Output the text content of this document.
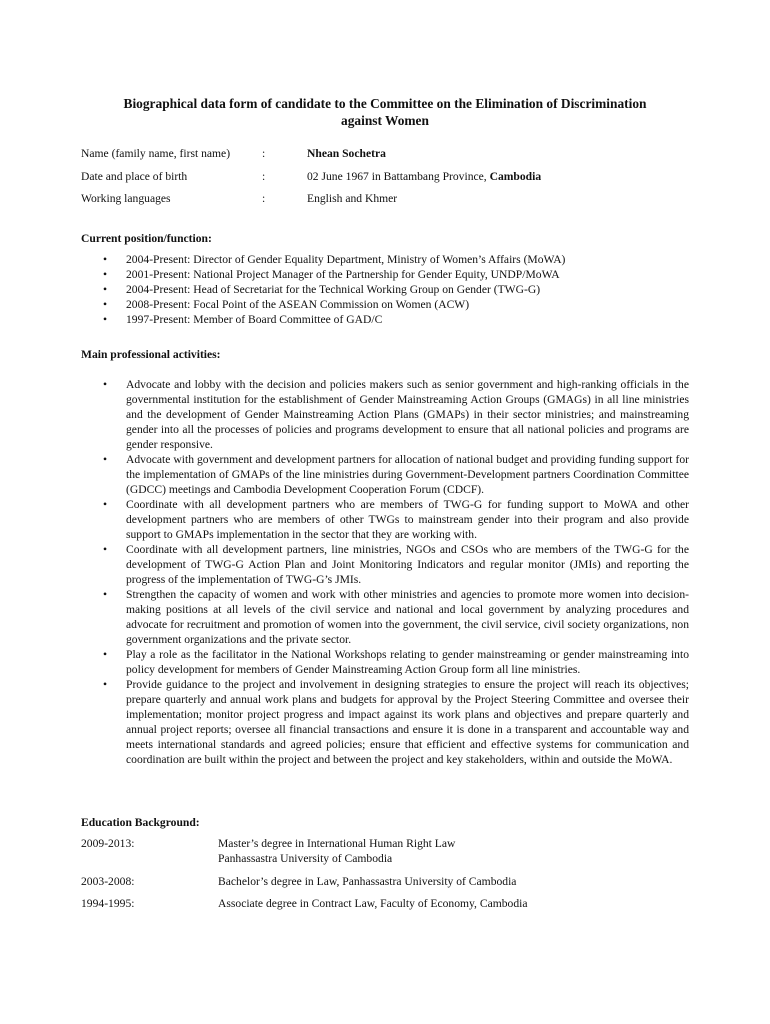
Biographical data form of candidate to the Committee on the Elimination of Discrimination
against Women
Name (family name, first name)	:	Nhean Sochetra
Date and place of birth	:	02 June 1967 in Battambang Province, Cambodia
Working languages	:	English and Khmer
Current position/function:
• 2004-Present: Director of Gender Equality Department, Ministry of Women’s Affairs (MoWA)
• 2001-Present: National Project Manager of the Partnership for Gender Equity, UNDP/MoWA
• 2004-Present: Head of Secretariat for the Technical Working Group on Gender (TWG-G)
• 2008-Present: Focal Point of the ASEAN Commission on Women (ACW)
• 1997-Present: Member of Board Committee of GAD/C
Main professional activities:
• Advocate and lobby with the decision and policies makers such as senior government and high-ranking officials in the governmental institution for the establishment of Gender Mainstreaming Action Groups (GMAGs) in all line ministries and the development of Gender Mainstreaming Action Plans (GMAPs) in their sector ministries; and mainstreaming gender into all the processes of policies and programs development to ensure that all national policies and programs are gender responsive.
• Advocate with government and development partners for allocation of national budget and providing funding support for the implementation of GMAPs of the line ministries during Government-Development partners Coordination Committee (GDCC) meetings and Cambodia Development Cooperation Forum (CDCF).
• Coordinate with all development partners who are members of TWG-G for funding support to MoWA and other development partners who are members of other TWGs to mainstream gender into their program and also provide support to GMAPs implementation in the sector that they are working with.
• Coordinate with all development partners, line ministries, NGOs and CSOs who are members of the TWG-G for the development of TWG-G Action Plan and Joint Monitoring Indicators and regular monitor (JMIs) and reporting the progress of the implementation of TWG-G’s JMIs.
• Strengthen the capacity of women and work with other ministries and agencies to promote more women into decision-making positions at all levels of the civil service and national and local government by analyzing procedures and advocate for recruitment and promotion of women into the government, the civil service, civil society organizations, non government organizations and the private sector.
• Play a role as the facilitator in the National Workshops relating to gender mainstreaming or gender mainstreaming into policy development for members of Gender Mainstreaming Action Group form all line ministries.
• Provide guidance to the project and involvement in designing strategies to ensure the project will reach its objectives; prepare quarterly and annual work plans and budgets for approval by the Project Steering Committee and oversee their implementation; monitor project progress and impact against its work plans and objectives and prepare quarterly and annual project reports; oversee all financial transactions and ensure it is done in a transparent and accountable way and meets international standards and agreed policies; ensure that efficient and effective systems for communication and coordination are built within the project and between the project and key stakeholders, within and outside the MoWA.
Education Background:
2009-2013:	Master’s degree in International Human Right Law
Panhassastra University of Cambodia
2003-2008:	Bachelor’s degree in Law, Panhassastra University of Cambodia
1994-1995:	Associate degree in Contract Law, Faculty of Economy, Cambodia
